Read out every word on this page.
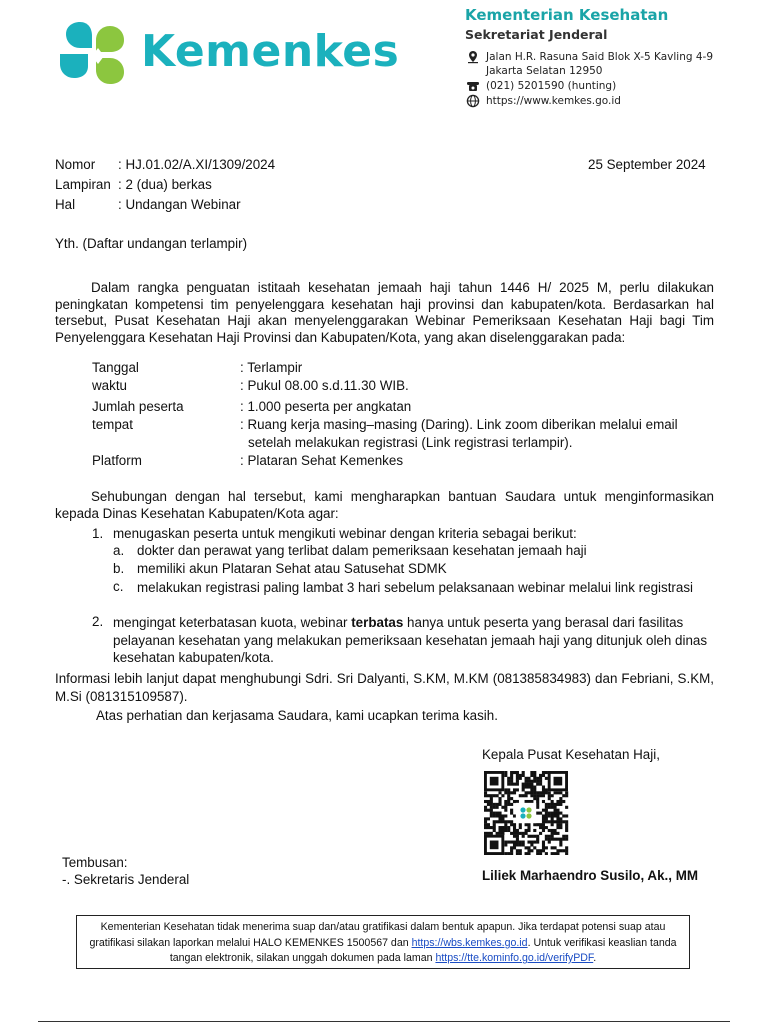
Kemenkes
Kementerian Kesehatan
Sekretariat Jenderal
Jalan H.R. Rasuna Said Blok X-5 Kavling 4-9
Jakarta Selatan 12950
(021) 5201590 (hunting)
https://www.kemkes.go.id
Nomor : HJ.01.02/A.XI/1309/2024	25 September 2024
Lampiran : 2 (dua) berkas
Hal	: Undangan Webinar
Yth. (Daftar undangan terlampir)
Dalam rangka penguatan istitaah kesehatan jemaah haji tahun 1446 H/ 2025 M, perlu dilakukan peningkatan kompetensi tim penyelenggara kesehatan haji provinsi dan kabupaten/kota. Berdasarkan hal tersebut, Pusat Kesehatan Haji akan menyelenggarakan Webinar Pemeriksaan Kesehatan Haji bagi Tim Penyelenggara Kesehatan Haji Provinsi dan Kabupaten/Kota, yang akan diselenggarakan pada:
Tanggal	: Terlampir
waktu	: Pukul 08.00 s.d.11.30 WIB.
Jumlah peserta	: 1.000 peserta per angkatan
tempat	: Ruang kerja masing–masing (Daring). Link zoom diberikan melalui email
setelah melakukan registrasi (Link registrasi terlampir).
Platform	: Plataran Sehat Kemenkes
Sehubungan dengan hal tersebut, kami mengharapkan bantuan Saudara untuk menginformasikan kepada Dinas Kesehatan Kabupaten/Kota agar:
1. menugaskan peserta untuk mengikuti webinar dengan kriteria sebagai berikut:
a. dokter dan perawat yang terlibat dalam pemeriksaan kesehatan jemaah haji
b. memiliki akun Plataran Sehat atau Satusehat SDMK
c. melakukan registrasi paling lambat 3 hari sebelum pelaksanaan webinar melalui link registrasi
2. mengingat keterbatasan kuota, webinar terbatas hanya untuk peserta yang berasal dari fasilitas pelayanan kesehatan yang melakukan pemeriksaan kesehatan jemaah haji yang ditunjuk oleh dinas kesehatan kabupaten/kota.
Informasi lebih lanjut dapat menghubungi Sdri. Sri Dalyanti, S.KM, M.KM (081385834983) dan Febriani, S.KM, M.Si (081315109587).
Atas perhatian dan kerjasama Saudara, kami ucapkan terima kasih.
Kepala Pusat Kesehatan Haji,
Liliek Marhaendro Susilo, Ak., MM
Tembusan:
-. Sekretaris Jenderal
Kementerian Kesehatan tidak menerima suap dan/atau gratifikasi dalam bentuk apapun. Jika terdapat potensi suap atau gratifikasi silakan laporkan melalui HALO KEMENKES 1500567 dan https://wbs.kemkes.go.id. Untuk verifikasi keaslian tanda tangan elektronik, silakan unggah dokumen pada laman https://tte.kominfo.go.id/verifyPDF.
